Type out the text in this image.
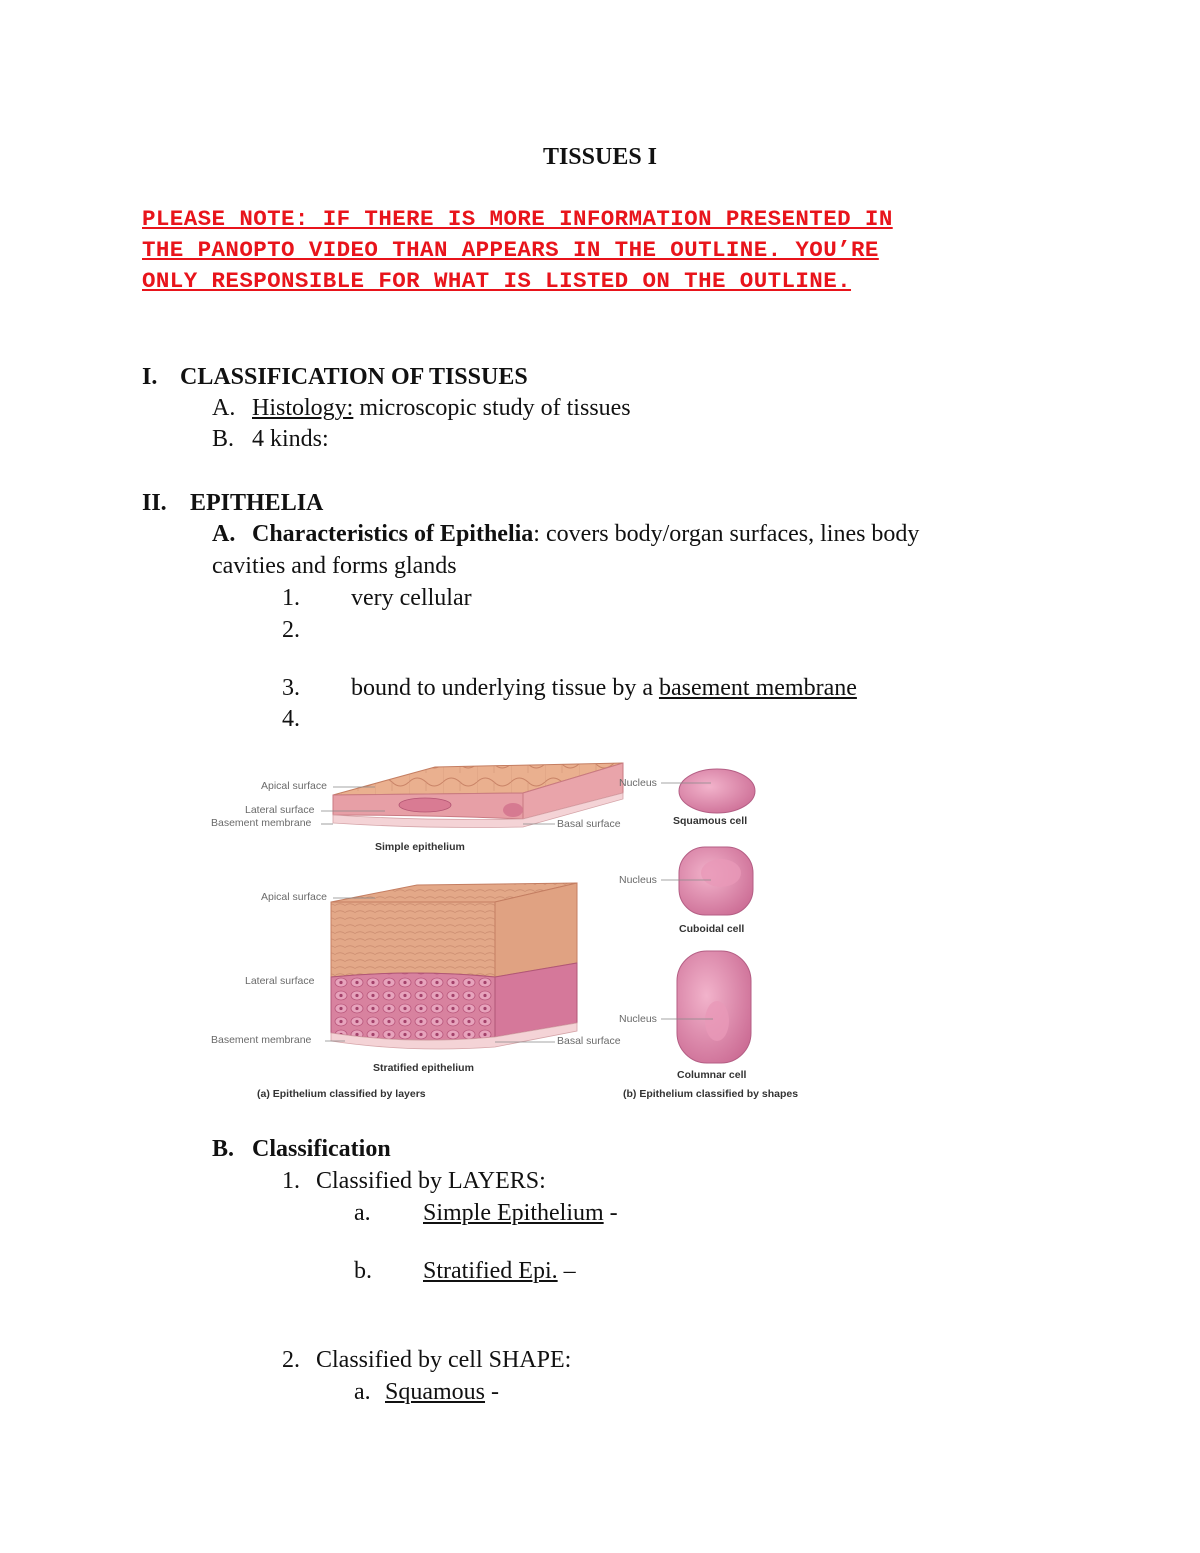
TISSUES I
PLEASE NOTE: IF THERE IS MORE INFORMATION PRESENTED IN
THE PANOPTO VIDEO THAN APPEARS IN THE OUTLINE. YOU’RE
ONLY RESPONSIBLE FOR WHAT IS LISTED ON THE OUTLINE.
I. CLASSIFICATION OF TISSUES
A. Histology: microscopic study of tissues
B. 4 kinds:
II. EPITHELIA
A. Characteristics of Epithelia: covers body/organ surfaces, lines body
cavities and forms glands
1. very cellular
2.
3. bound to underlying tissue by a basement membrane
4.
Apical surface
Lateral surface
Basement membrane	Basal surface
Simple epithelium
Apical surface
Lateral surface
Basement membrane	Basal surface
Stratified epithelium
(a) Epithelium classified by layers
Nucleus
Squamous cell
Nucleus
Cuboidal cell
Nucleus
Columnar cell
(b) Epithelium classified by shapes
B. Classification
1. Classified by LAYERS:
a. Simple Epithelium -
b. Stratified Epi. –
2. Classified by cell SHAPE:
a. Squamous -
